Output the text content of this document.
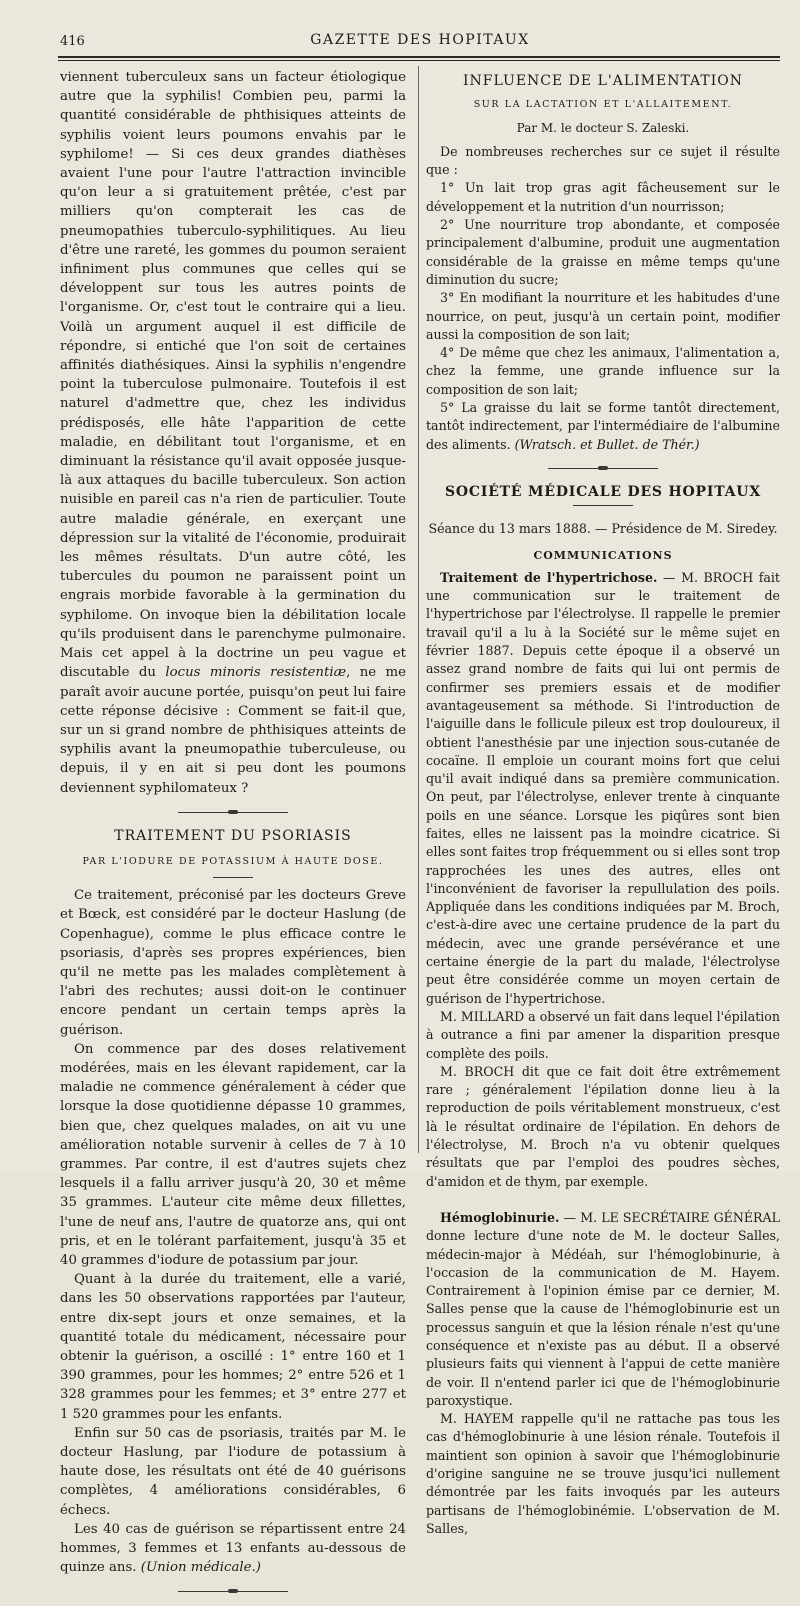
416	GAZETTE DES HOPITAUX

viennent tuberculeux sans un facteur étiologique autre que la syphilis! Combien peu, parmi la quantité considérable de phthisiques atteints de syphilis voient leurs poumons envahis par le syphilome! — Si ces deux grandes diathèses avaient l'une pour l'autre l'attraction invincible qu'on leur a si gratuitement prêtée, c'est par milliers qu'on compterait les cas de pneumopathies tuberculo-syphilitiques. Au lieu d'être une rareté, les gommes du poumon seraient infiniment plus communes que celles qui se développent sur tous les autres points de l'organisme. Or, c'est tout le contraire qui a lieu. Voilà un argument auquel il est difficile de répondre, si entiché que l'on soit de certaines affinités diathésiques. Ainsi la syphilis n'engendre point la tuberculose pulmonaire. Toutefois il est naturel d'admettre que, chez les individus prédisposés, elle hâte l'apparition de cette maladie, en débilitant tout l'organisme, et en diminuant la résistance qu'il avait opposée jusque-là aux attaques du bacille tuberculeux. Son action nuisible en pareil cas n'a rien de particulier. Toute autre maladie générale, en exerçant une dépression sur la vitalité de l'économie, produirait les mêmes résultats. D'un autre côté, les tubercules du poumon ne paraissent point un engrais morbide favorable à la germination du syphilome. On invoque bien la débilitation locale qu'ils produisent dans le parenchyme pulmonaire. Mais cet appel à la doctrine un peu vague et discutable du locus minoris resistentiæ, ne me paraît avoir aucune portée, puisqu'on peut lui faire cette réponse décisive : Comment se fait-il que, sur un si grand nombre de phthisiques atteints de syphilis avant la pneumopathie tuberculeuse, ou depuis, il y en ait si peu dont les poumons deviennent syphilomateux ?

TRAITEMENT DU PSORIASIS
PAR L'IODURE DE POTASSIUM À HAUTE DOSE.

Ce traitement, préconisé par les docteurs Greve et Bœck, est considéré par le docteur Haslung (de Copenhague), comme le plus efficace contre le psoriasis, d'après ses propres expériences, bien qu'il ne mette pas les malades complètement à l'abri des rechutes; aussi doit-on le continuer encore pendant un certain temps après la guérison.

On commence par des doses relativement modérées, mais en les élevant rapidement, car la maladie ne commence généralement à céder que lorsque la dose quotidienne dépasse 10 grammes, bien que, chez quelques malades, on ait vu une amélioration notable survenir à celles de 7 à 10 grammes. Par contre, il est d'autres sujets chez lesquels il a fallu arriver jusqu'à 20, 30 et même 35 grammes. L'auteur cite même deux fillettes, l'une de neuf ans, l'autre de quatorze ans, qui ont pris, et en le tolérant parfaitement, jusqu'à 35 et 40 grammes d'iodure de potassium par jour.

Quant à la durée du traitement, elle a varié, dans les 50 observations rapportées par l'auteur, entre dix-sept jours et onze semaines, et la quantité totale du médicament, nécessaire pour obtenir la guérison, a oscillé : 1° entre 160 et 1 390 grammes, pour les hommes; 2° entre 526 et 1 328 grammes pour les femmes; et 3° entre 277 et 1 520 grammes pour les enfants.

Enfin sur 50 cas de psoriasis, traités par M. le docteur Haslung, par l'iodure de potassium à haute dose, les résultats ont été de 40 guérisons complètes, 4 améliorations considérables, 6 échecs.

Les 40 cas de guérison se répartissent entre 24 hommes, 3 femmes et 13 enfants au-dessous de quinze ans. (Union médicale.)

INFLUENCE DE L'ALIMENTATION
SUR LA LACTATION ET L'ALLAITEMENT.
Par M. le docteur S. Zaleski.

De nombreuses recherches sur ce sujet il résulte que :

1° Un lait trop gras agit fâcheusement sur le développement et la nutrition d'un nourrisson;

2° Une nourriture trop abondante, et composée principalement d'albumine, produit une augmentation considérable de la graisse en même temps qu'une diminution du sucre;

3° En modifiant la nourriture et les habitudes d'une nourrice, on peut, jusqu'à un certain point, modifier aussi la composition de son lait;

4° De même que chez les animaux, l'alimentation a, chez la femme, une grande influence sur la composition de son lait;

5° La graisse du lait se forme tantôt directement, tantôt indirectement, par l'intermédiaire de l'albumine des aliments. (Wratsch. et Bullet. de Thér.)

SOCIÉTÉ MÉDICALE DES HOPITAUX

Séance du 13 mars 1888. — Présidence de M. Siredey.

COMMUNICATIONS

Traitement de l'hypertrichose. — M. BROCH fait une communication sur le traitement de l'hypertrichose par l'électrolyse. Il rappelle le premier travail qu'il a lu à la Société sur le même sujet en février 1887. Depuis cette époque il a observé un assez grand nombre de faits qui lui ont permis de confirmer ses premiers essais et de modifier avantageusement sa méthode. Si l'introduction de l'aiguille dans le follicule pileux est trop douloureux, il obtient l'anesthésie par une injection sous-cutanée de cocaïne. Il emploie un courant moins fort que celui qu'il avait indiqué dans sa première communication. On peut, par l'électrolyse, enlever trente à cinquante poils en une séance. Lorsque les piqûres sont bien faites, elles ne laissent pas la moindre cicatrice. Si elles sont faites trop fréquemment ou si elles sont trop rapprochées les unes des autres, elles ont l'inconvénient de favoriser la repullulation des poils. Appliquée dans les conditions indiquées par M. Broch, c'est-à-dire avec une certaine prudence de la part du médecin, avec une grande persévérance et une certaine énergie de la part du malade, l'électrolyse peut être considérée comme un moyen certain de guérison de l'hypertrichose.

M. MILLARD a observé un fait dans lequel l'épilation à outrance a fini par amener la disparition presque complète des poils.

M. BROCH dit que ce fait doit être extrêmement rare ; généralement l'épilation donne lieu à la reproduction de poils véritablement monstrueux, c'est là le résultat ordinaire de l'épilation. En dehors de l'électrolyse, M. Broch n'a vu obtenir quelques résultats que par l'emploi des poudres sèches, d'amidon et de thym, par exemple.

Hémoglobinurie. — M. LE SECRÉTAIRE GÉNÉRAL donne lecture d'une note de M. le docteur Salles, médecin-major à Médéah, sur l'hémoglobinurie, à l'occasion de la communication de M. Hayem. Contrairement à l'opinion émise par ce dernier, M. Salles pense que la cause de l'hémoglobinurie est un processus sanguin et que la lésion rénale n'est qu'une conséquence et n'existe pas au début. Il a observé plusieurs faits qui viennent à l'appui de cette manière de voir. Il n'entend parler ici que de l'hémoglobinurie paroxystique.

M. HAYEM rappelle qu'il ne rattache pas tous les cas d'hémoglobinurie à une lésion rénale. Toutefois il maintient son opinion à savoir que l'hémoglobinurie d'origine sanguine ne se trouve jusqu'ici nullement démontrée par les faits invoqués par les auteurs partisans de l'hémoglobinémie. L'observation de M. Salles,
